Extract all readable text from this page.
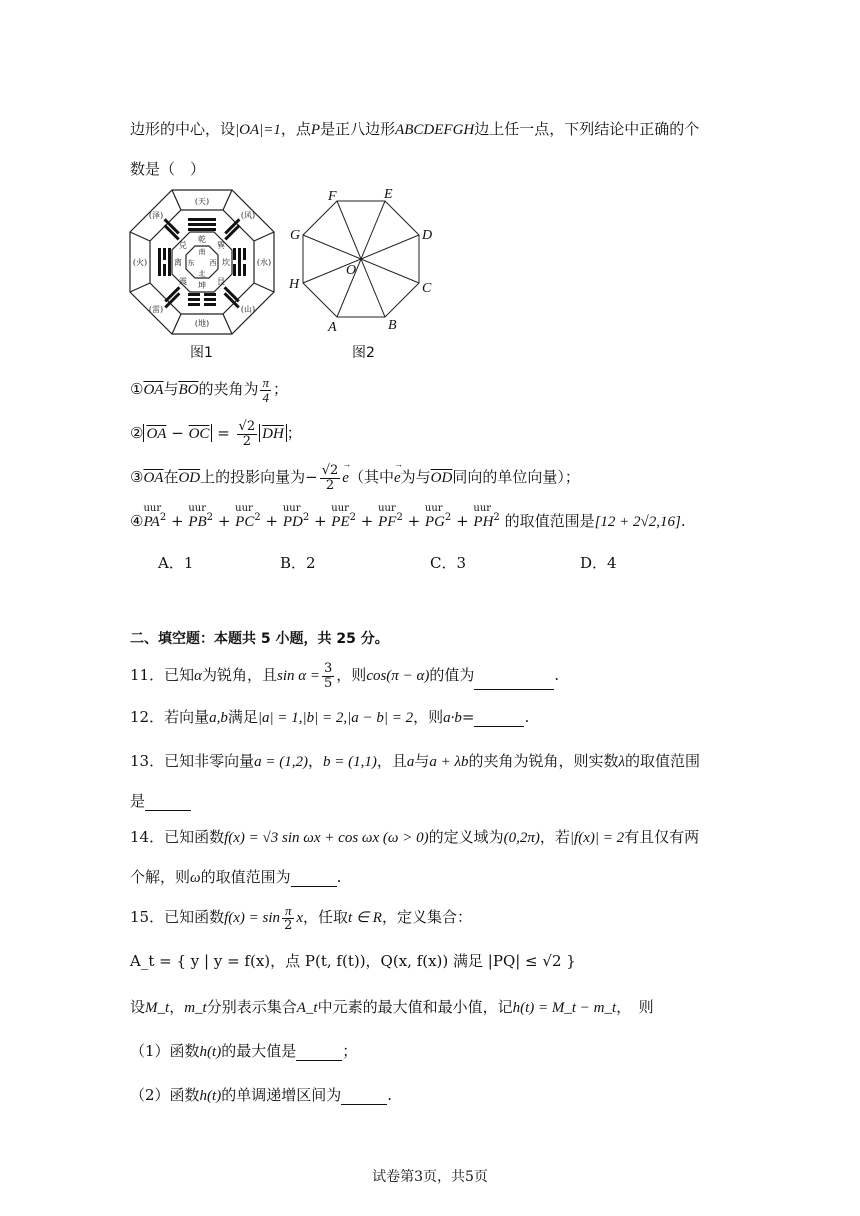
边形的中心，设|OA|=1，点P是正八边形ABCDEFGH边上任一点，下列结论中正确的个
数是（　）
(天)
(地)
(火)	(水)
(泽)	(风)
(雷)	(山)
乾
坤
离	坎
兑	巽
震	艮
南
北
东 西
图1
A	B
C
D
E
F
G
H
O
图2
$①\overline{OA}$与$\overline{BO}$的夹角为 $\frac{\pi}{4}$ ；
② $\overline{OA} - \overline{OC} = \frac{√2}{2} \overline{DH}$ ；
$③\overline{OA}$在$\overline{OD}$上的投影向量为− $\frac{√2}{2} \to e$（其中→ e为与$\overline{OD}$同向的单位向量）；
④
uur
$PA^2$ +
uur
$PB^2$ +
uur
$PC^2$ +
uur
$PD^2$ +
uur
$PE^2$ +
uur
$PF^2$ +
uur
$PG^2$ +
uur
$PH^2$ 的取值范围是[12 + 2√2,16].
A．1	B．2	C．3	D．4
二、填空题：本题共 5 小题，共 25 分。
11．已知α为锐角，且$\sin \alpha = \frac{3}{5}$ ，则cos(π − α)的值为	.
12．若向量a,b满足|a| = 1,|b| = 2,|a − b| = 2，则a·b=	.
13．已知非零向量a = (1,2)，b = (1,1)，且a与a + λb的夹角为锐角，则实数λ的取值范围
是
14．已知函数f(x) = √3 sin ωx + cos ωx (ω > 0)的定义域为(0,2π)，若|f(x)| = 2有且仅有两
个解，则ω的取值范围为	.
15．已知函数$f(x) = \sin \frac{\pi}{2}$ x，任取t ∈ R，定义集合：
A_t = { y | y = f(x)，点 P(t, f(t))，Q(x, f(x)) 满足 |PQ| ≤ √2 }
设M_t，m_t分别表示集合A_t中元素的最大值和最小值，记h(t) = M_t − m_t，　则
（1）函数h(t)的最大值是	；
（2）函数h(t)的单调递增区间为	.
试卷第3页，共5页
